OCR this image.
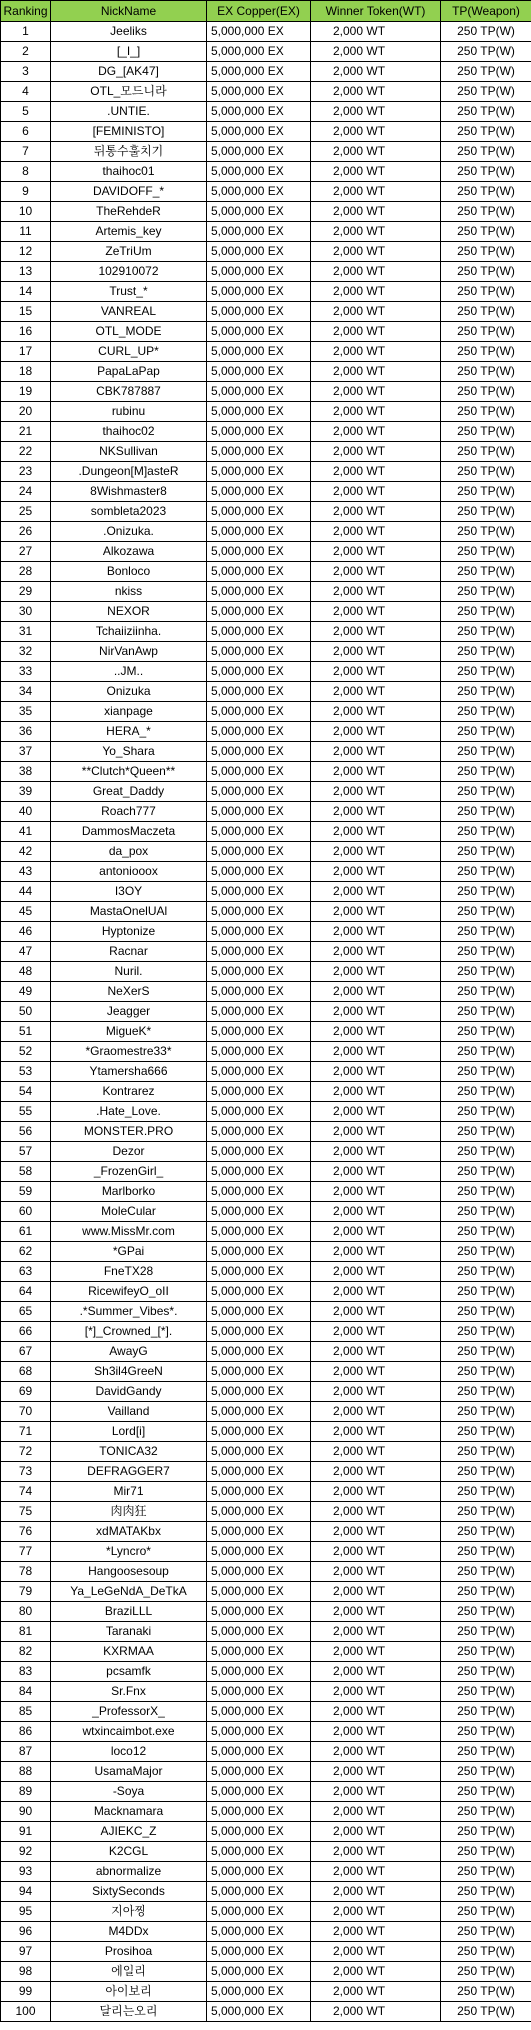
Ranking	NickName	EX Copper(EX)	Winner Token(WT)	TP(Weapon)
1	Jeeliks	5,000,000 EX	2,000 WT	250 TP(W)
2	[_I_]	5,000,000 EX	2,000 WT	250 TP(W)
3	DG_[AK47]	5,000,000 EX	2,000 WT	250 TP(W)
4	OTL_모드니라	5,000,000 EX	2,000 WT	250 TP(W)
5	.UNTIE.	5,000,000 EX	2,000 WT	250 TP(W)
6	[FEMINISTO]	5,000,000 EX	2,000 WT	250 TP(W)
7	뒤통수훌치기	5,000,000 EX	2,000 WT	250 TP(W)
8	thaihoc01	5,000,000 EX	2,000 WT	250 TP(W)
9	DAVIDOFF_*	5,000,000 EX	2,000 WT	250 TP(W)
10	TheRehdeR	5,000,000 EX	2,000 WT	250 TP(W)
11	Artemis_key	5,000,000 EX	2,000 WT	250 TP(W)
12	ZeTriUm	5,000,000 EX	2,000 WT	250 TP(W)
13	102910072	5,000,000 EX	2,000 WT	250 TP(W)
14	Trust_*	5,000,000 EX	2,000 WT	250 TP(W)
15	VANREAL	5,000,000 EX	2,000 WT	250 TP(W)
16	OTL_MODE	5,000,000 EX	2,000 WT	250 TP(W)
17	CURL_UP*	5,000,000 EX	2,000 WT	250 TP(W)
18	PapaLaPap	5,000,000 EX	2,000 WT	250 TP(W)
19	CBK787887	5,000,000 EX	2,000 WT	250 TP(W)
20	rubinu	5,000,000 EX	2,000 WT	250 TP(W)
21	thaihoc02	5,000,000 EX	2,000 WT	250 TP(W)
22	NKSullivan	5,000,000 EX	2,000 WT	250 TP(W)
23	.Dungeon[M]asteR	5,000,000 EX	2,000 WT	250 TP(W)
24	8Wishmaster8	5,000,000 EX	2,000 WT	250 TP(W)
25	sombleta2023	5,000,000 EX	2,000 WT	250 TP(W)
26	.Onizuka.	5,000,000 EX	2,000 WT	250 TP(W)
27	Alkozawa	5,000,000 EX	2,000 WT	250 TP(W)
28	Bonloco	5,000,000 EX	2,000 WT	250 TP(W)
29	nkiss	5,000,000 EX	2,000 WT	250 TP(W)
30	NEXOR	5,000,000 EX	2,000 WT	250 TP(W)
31	Tchaiiziinha.	5,000,000 EX	2,000 WT	250 TP(W)
32	NirVanAwp	5,000,000 EX	2,000 WT	250 TP(W)
33	..JM..	5,000,000 EX	2,000 WT	250 TP(W)
34	Onizuka	5,000,000 EX	2,000 WT	250 TP(W)
35	xianpage	5,000,000 EX	2,000 WT	250 TP(W)
36	HERA_*	5,000,000 EX	2,000 WT	250 TP(W)
37	Yo_Shara	5,000,000 EX	2,000 WT	250 TP(W)
38	**Clutch*Queen**	5,000,000 EX	2,000 WT	250 TP(W)
39	Great_Daddy	5,000,000 EX	2,000 WT	250 TP(W)
40	Roach777	5,000,000 EX	2,000 WT	250 TP(W)
41	DammosMaczeta	5,000,000 EX	2,000 WT	250 TP(W)
42	da_pox	5,000,000 EX	2,000 WT	250 TP(W)
43	antoniooox	5,000,000 EX	2,000 WT	250 TP(W)
44	I3OY	5,000,000 EX	2,000 WT	250 TP(W)
45	MastaOnelUAl	5,000,000 EX	2,000 WT	250 TP(W)
46	Hyptonize	5,000,000 EX	2,000 WT	250 TP(W)
47	Racnar	5,000,000 EX	2,000 WT	250 TP(W)
48	Nuril.	5,000,000 EX	2,000 WT	250 TP(W)
49	NeXerS	5,000,000 EX	2,000 WT	250 TP(W)
50	Jeagger	5,000,000 EX	2,000 WT	250 TP(W)
51	MigueK*	5,000,000 EX	2,000 WT	250 TP(W)
52	*Graomestre33*	5,000,000 EX	2,000 WT	250 TP(W)
53	Ytamersha666	5,000,000 EX	2,000 WT	250 TP(W)
54	Kontrarez	5,000,000 EX	2,000 WT	250 TP(W)
55	.Hate_Love.	5,000,000 EX	2,000 WT	250 TP(W)
56	MONSTER.PRO	5,000,000 EX	2,000 WT	250 TP(W)
57	Dezor	5,000,000 EX	2,000 WT	250 TP(W)
58	_FrozenGirl_	5,000,000 EX	2,000 WT	250 TP(W)
59	Marlborko	5,000,000 EX	2,000 WT	250 TP(W)
60	MoleCular	5,000,000 EX	2,000 WT	250 TP(W)
61	www.MissMr.com	5,000,000 EX	2,000 WT	250 TP(W)
62	*GPai	5,000,000 EX	2,000 WT	250 TP(W)
63	FneTX28	5,000,000 EX	2,000 WT	250 TP(W)
64	RicewifeyO_oII	5,000,000 EX	2,000 WT	250 TP(W)
65	.*Summer_Vibes*.	5,000,000 EX	2,000 WT	250 TP(W)
66	[*]_Crowned_[*].	5,000,000 EX	2,000 WT	250 TP(W)
67	AwayG	5,000,000 EX	2,000 WT	250 TP(W)
68	Sh3il4GreeN	5,000,000 EX	2,000 WT	250 TP(W)
69	DavidGandy	5,000,000 EX	2,000 WT	250 TP(W)
70	Vailland	5,000,000 EX	2,000 WT	250 TP(W)
71	Lord[i]	5,000,000 EX	2,000 WT	250 TP(W)
72	TONICA32	5,000,000 EX	2,000 WT	250 TP(W)
73	DEFRAGGER7	5,000,000 EX	2,000 WT	250 TP(W)
74	Mir71	5,000,000 EX	2,000 WT	250 TP(W)
75	肉肉狂	5,000,000 EX	2,000 WT	250 TP(W)
76	xdMATAKbx	5,000,000 EX	2,000 WT	250 TP(W)
77	*Lyncro*	5,000,000 EX	2,000 WT	250 TP(W)
78	Hangoosesoup	5,000,000 EX	2,000 WT	250 TP(W)
79	Ya_LeGeNdA_DeTkA	5,000,000 EX	2,000 WT	250 TP(W)
80	BraziLLL	5,000,000 EX	2,000 WT	250 TP(W)
81	Taranaki	5,000,000 EX	2,000 WT	250 TP(W)
82	KXRMAA	5,000,000 EX	2,000 WT	250 TP(W)
83	pcsamfk	5,000,000 EX	2,000 WT	250 TP(W)
84	Sr.Fnx	5,000,000 EX	2,000 WT	250 TP(W)
85	_ProfessorX_	5,000,000 EX	2,000 WT	250 TP(W)
86	wtxincaimbot.exe	5,000,000 EX	2,000 WT	250 TP(W)
87	loco12	5,000,000 EX	2,000 WT	250 TP(W)
88	UsamaMajor	5,000,000 EX	2,000 WT	250 TP(W)
89	-Soya	5,000,000 EX	2,000 WT	250 TP(W)
90	Macknamara	5,000,000 EX	2,000 WT	250 TP(W)
91	AJIEKC_Z	5,000,000 EX	2,000 WT	250 TP(W)
92	K2CGL	5,000,000 EX	2,000 WT	250 TP(W)
93	abnormalize	5,000,000 EX	2,000 WT	250 TP(W)
94	SixtySeconds	5,000,000 EX	2,000 WT	250 TP(W)
95	지아찡	5,000,000 EX	2,000 WT	250 TP(W)
96	M4DDx	5,000,000 EX	2,000 WT	250 TP(W)
97	Prosihoa	5,000,000 EX	2,000 WT	250 TP(W)
98	에일리	5,000,000 EX	2,000 WT	250 TP(W)
99	아이보리	5,000,000 EX	2,000 WT	250 TP(W)
100	달리는오리	5,000,000 EX	2,000 WT	250 TP(W)
